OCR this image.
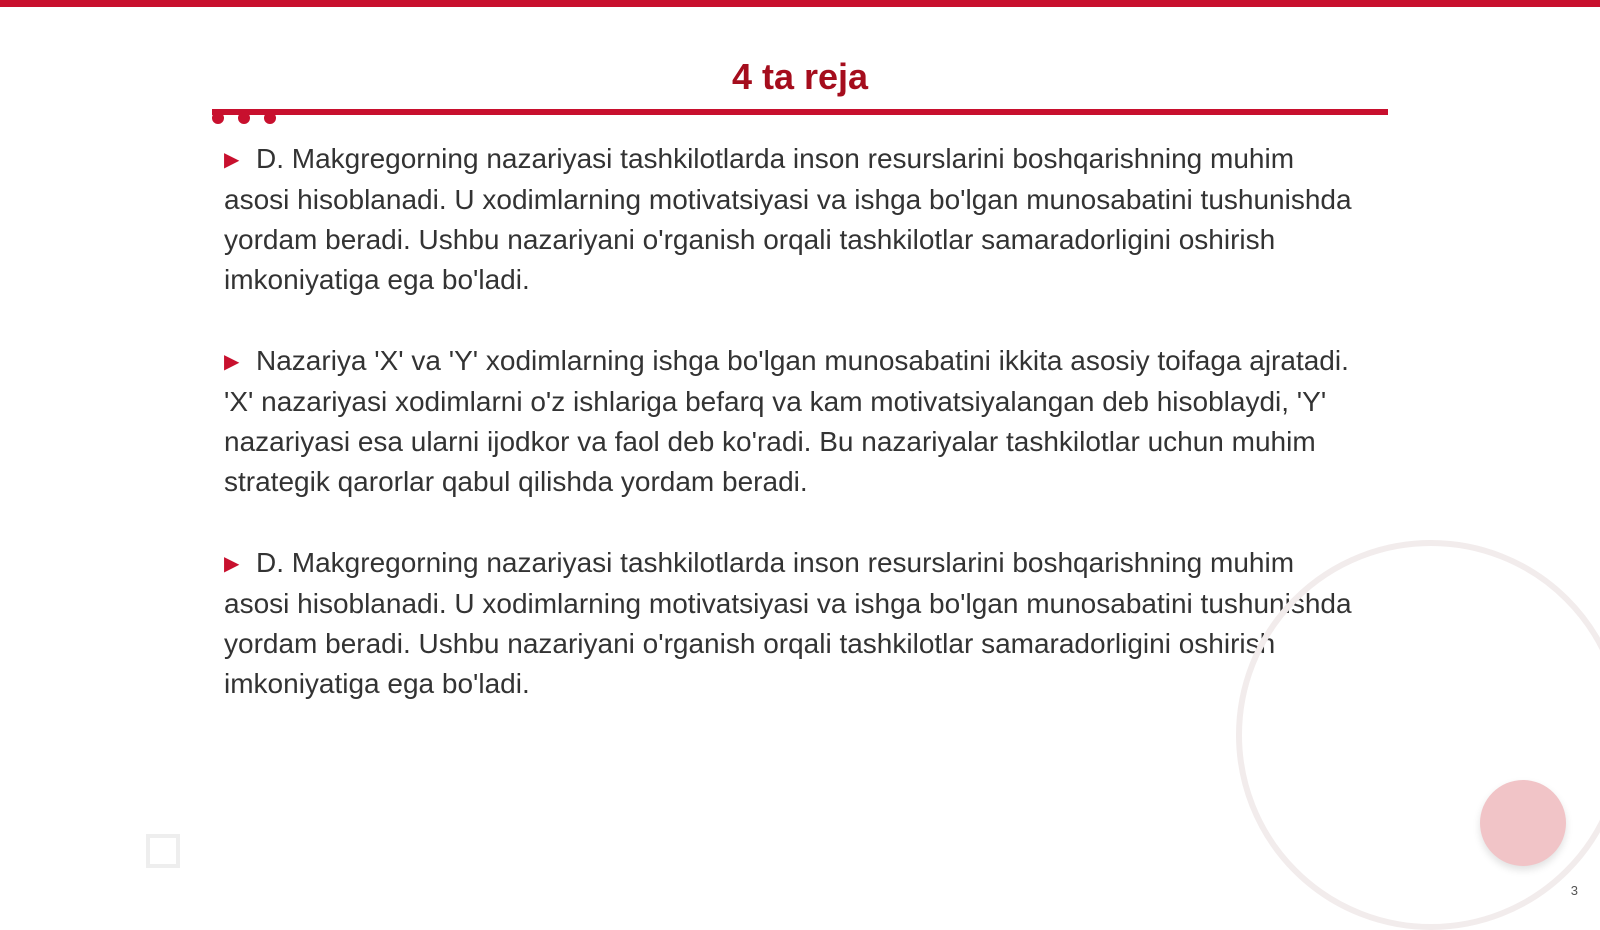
4 ta reja

▶ D. Makgregorning nazariyasi tashkilotlarda inson resurslarini boshqarishning muhim asosi hisoblanadi. U xodimlarning motivatsiyasi va ishga bo'lgan munosabatini tushunishda yordam beradi. Ushbu nazariyani o'rganish orqali tashkilotlar samaradorligini oshirish imkoniyatiga ega bo'ladi.

▶ Nazariya 'X' va 'Y' xodimlarning ishga bo'lgan munosabatini ikkita asosiy toifaga ajratadi. 'X' nazariyasi xodimlarni o'z ishlariga befarq va kam motivatsiyalangan deb hisoblaydi, 'Y' nazariyasi esa ularni ijodkor va faol deb ko'radi. Bu nazariyalar tashkilotlar uchun muhim strategik qarorlar qabul qilishda yordam beradi.

▶ D. Makgregorning nazariyasi tashkilotlarda inson resurslarini boshqarishning muhim asosi hisoblanadi. U xodimlarning motivatsiyasi va ishga bo'lgan munosabatini tushunishda yordam beradi. Ushbu nazariyani o'rganish orqali tashkilotlar samaradorligini oshirish imkoniyatiga ega bo'ladi.

3
